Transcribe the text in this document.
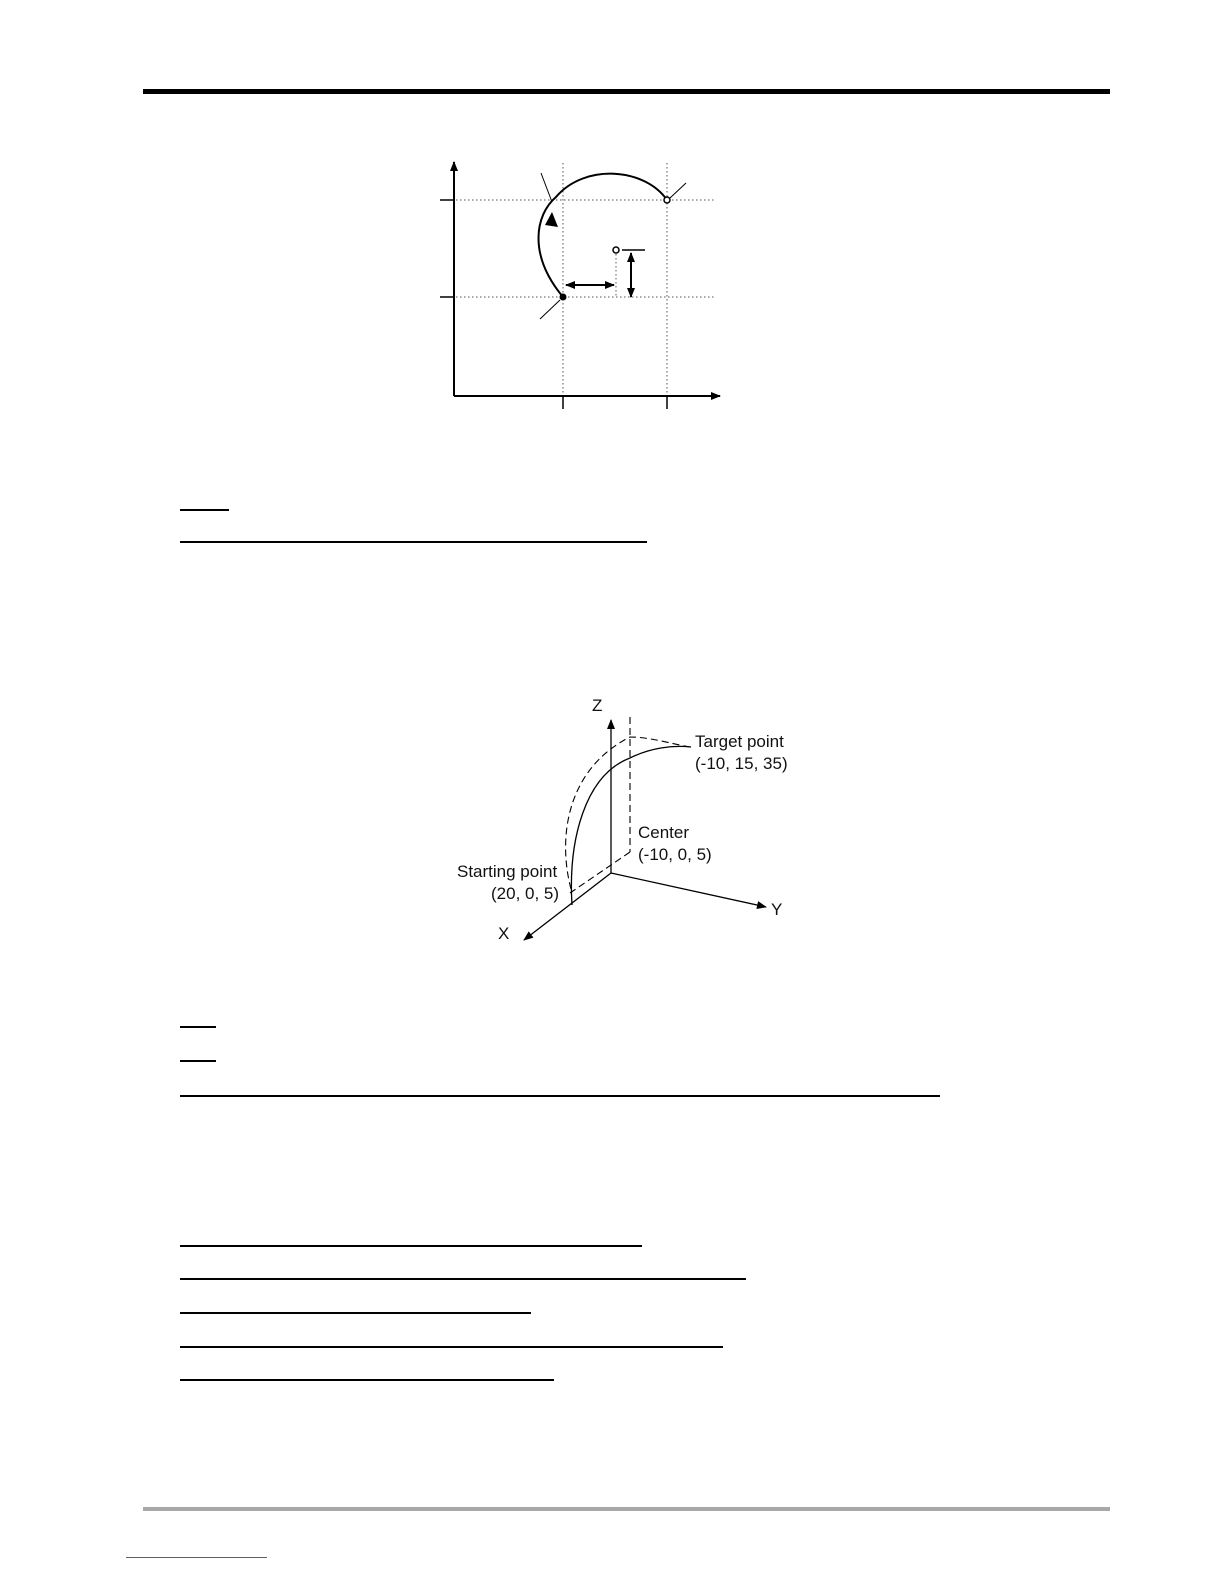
Z
X
Y
Target point
(-10, 15, 35)
Center
(-10, 0, 5)
Starting point
(20, 0, 5)
